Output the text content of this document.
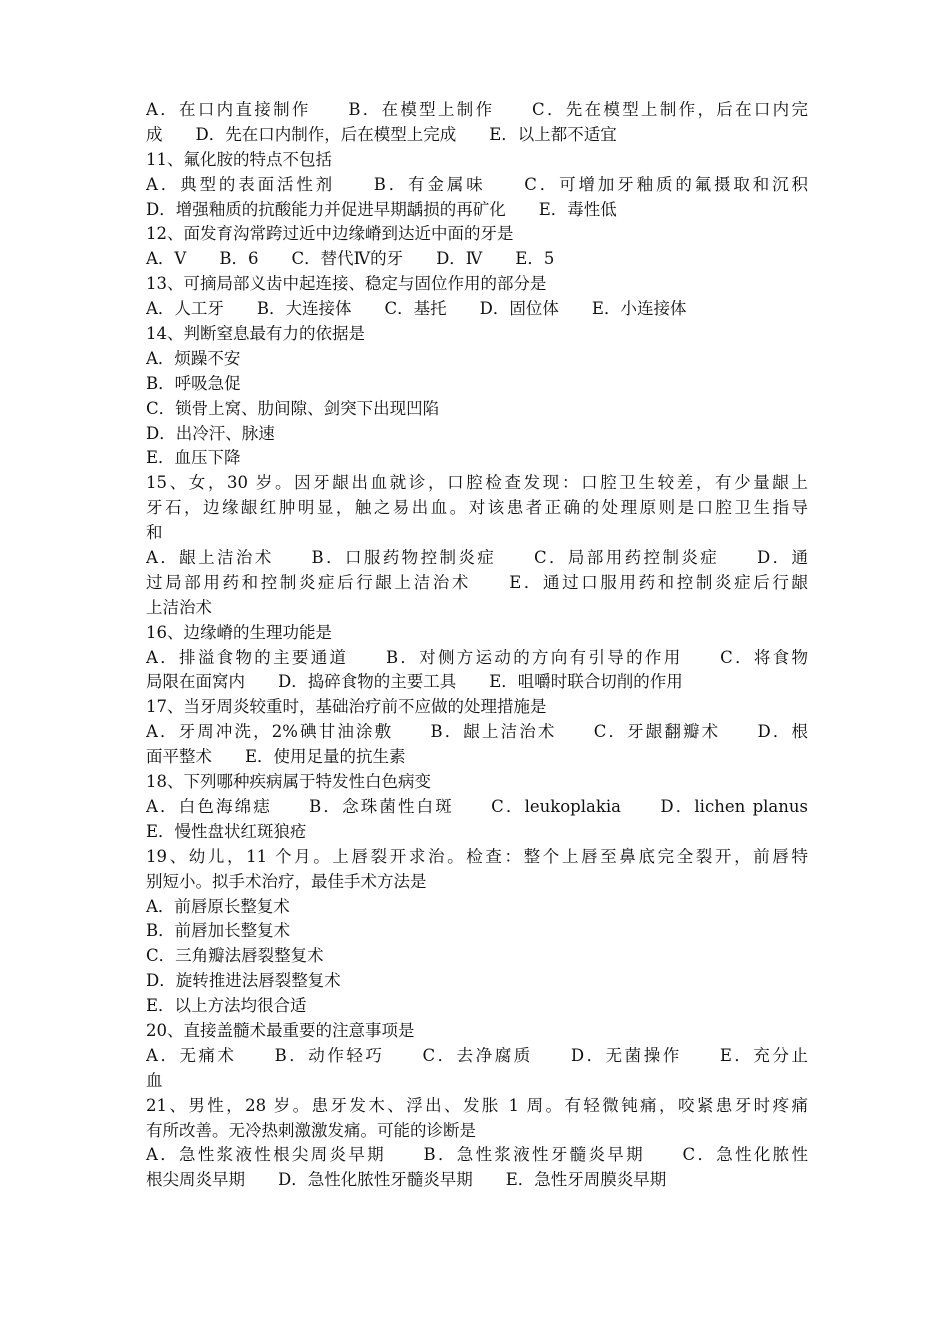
A．在口内直接制作　　B．在模型上制作　　C．先在模型上制作，后在口内完
成　　D．先在口内制作，后在模型上完成　　E．以上都不适宜
11、氟化胺的特点不包括
A．典型的表面活性剂　　B．有金属味　　C．可增加牙釉质的氟摄取和沉积
D．增强釉质的抗酸能力并促进早期龋损的再矿化　　E．毒性低
12、面发育沟常跨过近中边缘嵴到达近中面的牙是
A．V　　B．6　　C．替代Ⅳ的牙　　D．Ⅳ　　E．5
13、可摘局部义齿中起连接、稳定与固位作用的部分是
A．人工牙　　B．大连接体　　C．基托　　D．固位体　　E．小连接体
14、判断窒息最有力的依据是
A．烦躁不安
B．呼吸急促
C．锁骨上窝、肋间隙、剑突下出现凹陷
D．出冷汗、脉速
E．血压下降
15、女，30 岁。因牙龈出血就诊，口腔检查发现：口腔卫生较差，有少量龈上
牙石，边缘龈红肿明显，触之易出血。对该患者正确的处理原则是口腔卫生指导
和
A．龈上洁治术　　B．口服药物控制炎症　　C．局部用药控制炎症　　D．通
过局部用药和控制炎症后行龈上洁治术　　E．通过口服用药和控制炎症后行龈
上洁治术
16、边缘嵴的生理功能是
A．排溢食物的主要通道　　B．对侧方运动的方向有引导的作用　　C．将食物
局限在面窝内　　D．捣碎食物的主要工具　　E．咀嚼时联合切削的作用
17、当牙周炎较重时，基础治疗前不应做的处理措施是
A．牙周冲洗，2%碘甘油涂敷　　B．龈上洁治术　　C．牙龈翻瓣术　　D．根
面平整术　　E．使用足量的抗生素
18、下列哪种疾病属于特发性白色病变
A．白色海绵痣　　B．念珠菌性白斑　　C．leukoplakia　　D．lichen planus
E．慢性盘状红斑狼疮
19、幼儿，11 个月。上唇裂开求治。检查：整个上唇至鼻底完全裂开，前唇特
别短小。拟手术治疗，最佳手术方法是
A．前唇原长整复术
B．前唇加长整复术
C．三角瓣法唇裂整复术
D．旋转推进法唇裂整复术
E．以上方法均很合适
20、直接盖髓术最重要的注意事项是
A．无痛术　　B．动作轻巧　　C．去净腐质　　D．无菌操作　　E．充分止
血
21、男性，28 岁。患牙发木、浮出、发胀 1 周。有轻微钝痛，咬紧患牙时疼痛
有所改善。无冷热刺激激发痛。可能的诊断是
A．急性浆液性根尖周炎早期　　B．急性浆液性牙髓炎早期　　C．急性化脓性
根尖周炎早期　　D．急性化脓性牙髓炎早期　　E．急性牙周膜炎早期
